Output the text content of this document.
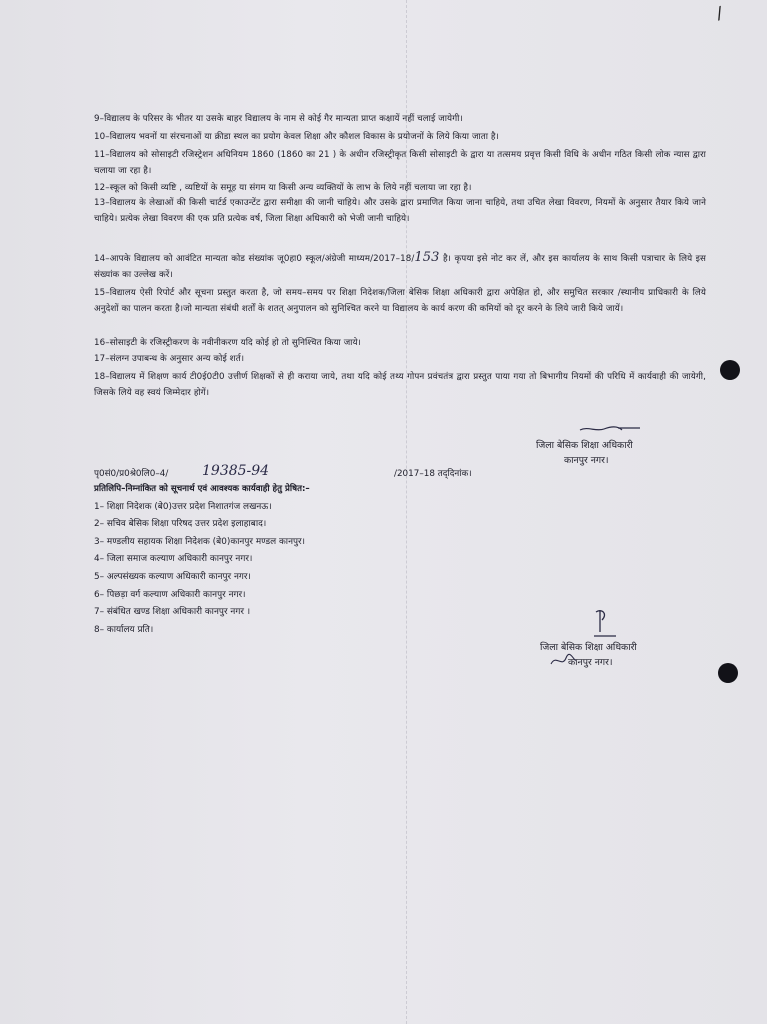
/
9–विद्यालय के परिसर के भीतर या उसके बाहर विद्यालय के नाम से कोई गैर मान्यता प्राप्त कक्षायें नहीं चलाई जायेगी।
10–विद्यालय भवनों या संरचनाओं या क्रीडा स्थल का प्रयोग केवल शिक्षा और कौशल विकास के प्रयोजनों के लिये किया जाता है।
11–विद्यालय को सोसाइटी रजिस्ट्रेशन अधिनियम 1860 (1860 का 21 ) के अधीन रजिस्ट्रीकृत किसी सोसाइटी के द्वारा या तत्समय प्रवृत्त किसी विधि के अधीन गठित किसी लोक न्यास द्वारा चलाया जा रहा है।
12–स्कूल को किसी व्यष्टि , व्यष्टियों के समूह या संगम या किसी अन्य व्यक्तियों के लाभ के लिये नहीं चलाया जा रहा है।
13–विद्यालय के लेखाओं की किसी चार्टर्ड एकाउन्टेंट द्वारा समीक्षा की जानी चाहिये। और उसके द्वारा प्रमाणित किया जाना चाहिये, तथा उचित लेखा विवरण, नियमों के अनुसार तैयार किये जाने चाहिये। प्रत्येक लेखा विवरण की एक प्रति प्रत्येक वर्ष, जिला शिक्षा अधिकारी को भेजी जानी चाहिये।
14–आपके विद्यालय को आवंटित मान्यता कोड संख्यांक जू0हा0 स्कूल/अंग्रेजी माध्यम/2017–18/153 है। कृपया इसे नोट कर लें, और इस कार्यालय के साथ किसी पत्राचार के लिये इस संख्यांक का उल्लेख करें।
15–विद्यालय ऐसी रिपोर्ट और सूचना प्रस्तुत करता है, जो समय–समय पर शिक्षा निदेशक/जिला बेसिक शिक्षा अधिकारी द्वारा अपेक्षित हो, और समुचित सरकार /स्थानीय प्राधिकारी के लिये अनुदेशों का पालन करता है।जो मान्यता संबंधी शर्तों के शतत् अनुपालन को सुनिश्चित करने या विद्यालय के कार्य करण की कमियों को दूर करने के लिये जारी किये जायें।
16–सोसाइटी के रजिस्ट्रीकरण के नवीनीकरण यदि कोई हो तो सुनिश्चित किया जाये।
17–संलग्न उपाबन्ध के अनुसार अन्य कोई शर्त।
18–विद्यालय में शिक्षण कार्य टी0ई0टी0 उत्तीर्ण शिक्षकों से ही कराया जाये, तथा यदि कोई तथ्य गोपन प्रवंचतंत्र द्वारा प्रस्तुत पाया गया तो बिभागीय नियमों की परिधि में कार्यवाही की जायेगी, जिसके लिये वह स्वयं जिम्मेदार होगें।
जिला बेसिक शिक्षा अधिकारी
कानपुर नगर।
पृ0सं0/प्र0श्रे0लि0–4/ 19385-94	/2017–18 तद्‌दिनांक।
प्रतिलिपि–निम्नांकित को सूचनार्थ एवं आवश्यक कार्यवाही हेतु प्रेषित:–
1– शिक्षा निदेशक (बे0)उत्तर प्रदेश निशातगंज लखनऊ।
2– सचिव बेसिक शिक्षा परिषद उत्तर प्रदेश इलाहाबाद।
3– मण्डलीय सहायक शिक्षा निदेशक (बे0)कानपुर मण्डल कानपुर।
4– जिला समाज कल्याण अधिकारी कानपुर नगर।
5– अल्पसंख्यक कल्याण अधिकारी कानपुर नगर।
6– पिछड़ा वर्ग कल्याण अधिकारी कानपुर नगर।
7– संबंधित खण्ड शिक्षा अधिकारी कानपुर नगर ।
8– कार्यालय प्रति।
जिला बेसिक शिक्षा अधिकारी
कानपुर नगर।
